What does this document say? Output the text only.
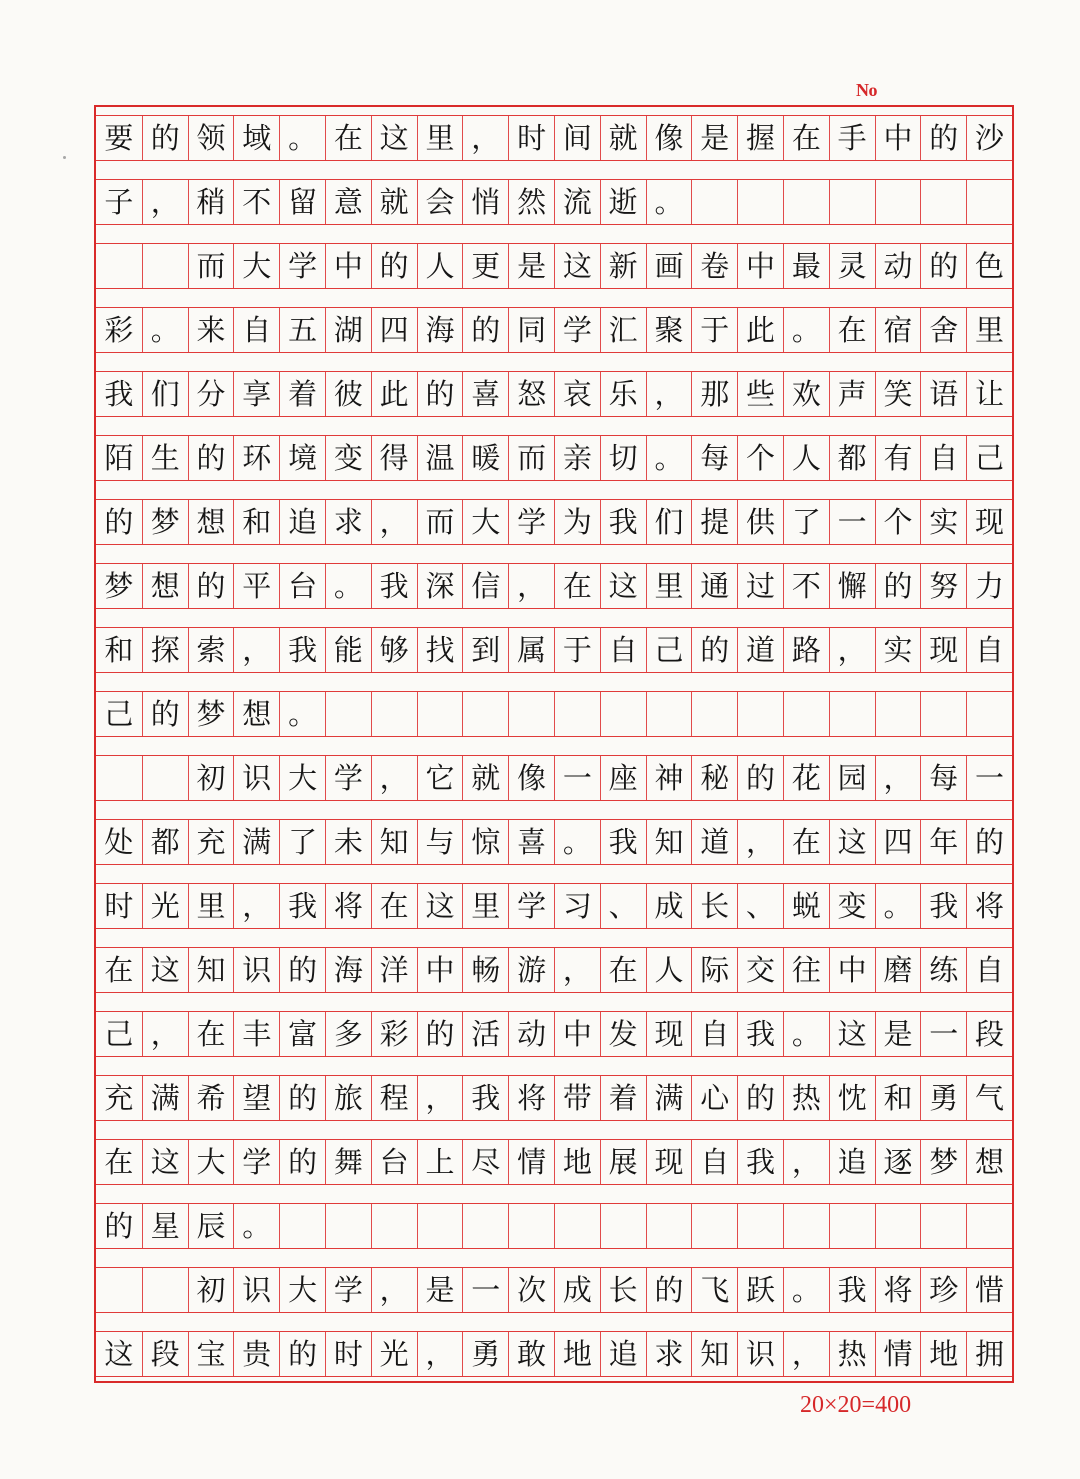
No
要 的 领 域 。 在 这 里 ， 时 间 就 像 是 握 在 手 中 的 沙
子 ， 稍 不 留 意 就 会 悄 然 流 逝 。
而 大 学 中 的 人 更 是 这 新 画 卷 中 最 灵 动 的 色
彩 。 来 自 五 湖 四 海 的 同 学 汇 聚 于 此 。 在 宿 舍 里
我 们 分 享 着 彼 此 的 喜 怒 哀 乐 ， 那 些 欢 声 笑 语 让
陌 生 的 环 境 变 得 温 暖 而 亲 切 。 每 个 人 都 有 自 己
的 梦 想 和 追 求 ， 而 大 学 为 我 们 提 供 了 一 个 实 现
梦 想 的 平 台 。 我 深 信 ， 在 这 里 通 过 不 懈 的 努 力
和 探 索 ， 我 能 够 找 到 属 于 自 己 的 道 路 ， 实 现 自
己 的 梦 想 。
初 识 大 学 ， 它 就 像 一 座 神 秘 的 花 园 ， 每 一
处 都 充 满 了 未 知 与 惊 喜 。 我 知 道 ， 在 这 四 年 的
时 光 里 ， 我 将 在 这 里 学 习 、 成 长 、 蜕 变 。 我 将
在 这 知 识 的 海 洋 中 畅 游 ， 在 人 际 交 往 中 磨 练 自
己 ， 在 丰 富 多 彩 的 活 动 中 发 现 自 我 。 这 是 一 段
充 满 希 望 的 旅 程 ， 我 将 带 着 满 心 的 热 忱 和 勇 气
在 这 大 学 的 舞 台 上 尽 情 地 展 现 自 我 ， 追 逐 梦 想
的 星 辰 。
初 识 大 学 ， 是 一 次 成 长 的 飞 跃 。 我 将 珍 惜
这 段 宝 贵 的 时 光 ， 勇 敢 地 追 求 知 识 ， 热 情 地 拥
20×20=400
